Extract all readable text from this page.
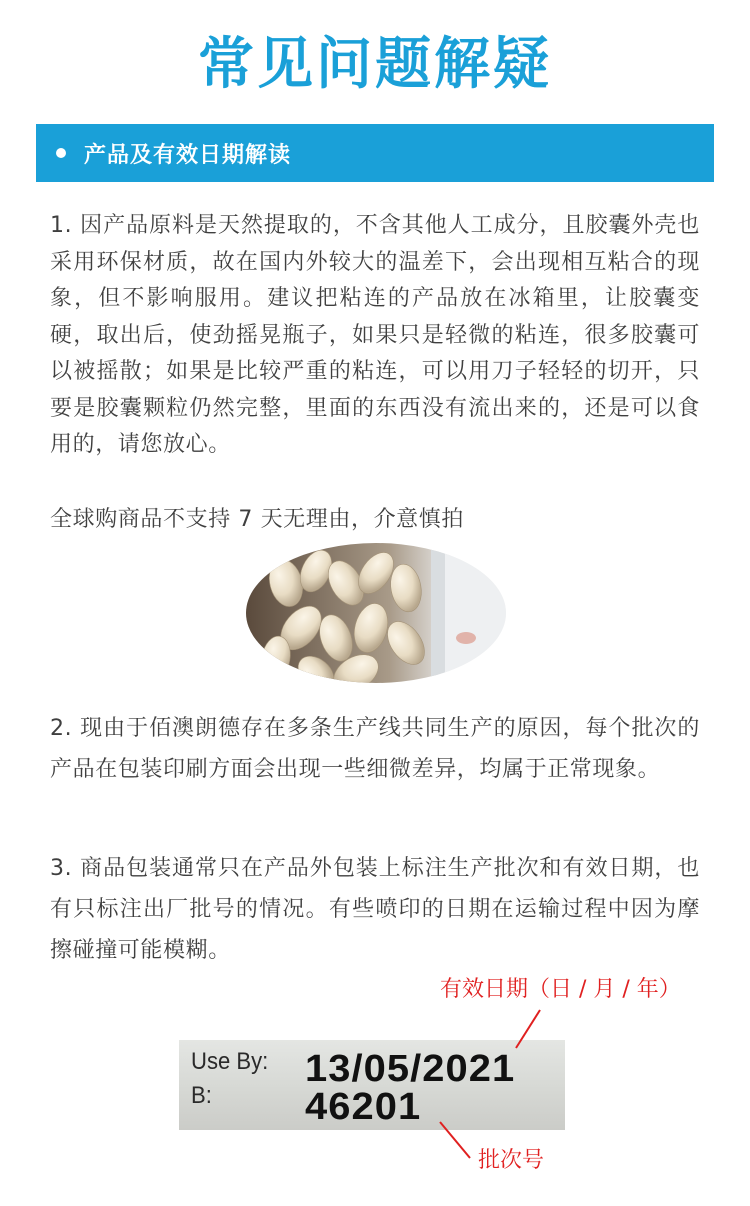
常见问题解疑
产品及有效日期解读

1. 因产品原料是天然提取的，不含其他人工成分，且胶囊外壳也采用环保材质，故在国内外较大的温差下，会出现相互粘合的现象，但不影响服用。建议把粘连的产品放在冰箱里，让胶囊变硬，取出后，使劲摇晃瓶子，如果只是轻微的粘连，很多胶囊可以被摇散；如果是比较严重的粘连，可以用刀子轻轻的切开，只要是胶囊颗粒仍然完整，里面的东西没有流出来的，还是可以食用的，请您放心。

全球购商品不支持 7 天无理由，介意慎拍

2. 现由于佰澳朗德存在多条生产线共同生产的原因，每个批次的产品在包装印刷方面会出现一些细微差异，均属于正常现象。

3. 商品包装通常只在产品外包装上标注生产批次和有效日期，也有只标注出厂批号的情况。有些喷印的日期在运输过程中因为摩擦碰撞可能模糊。

有效日期（日 / 月 / 年）
Use By: 13/05/2021
B: 46201
批次号
